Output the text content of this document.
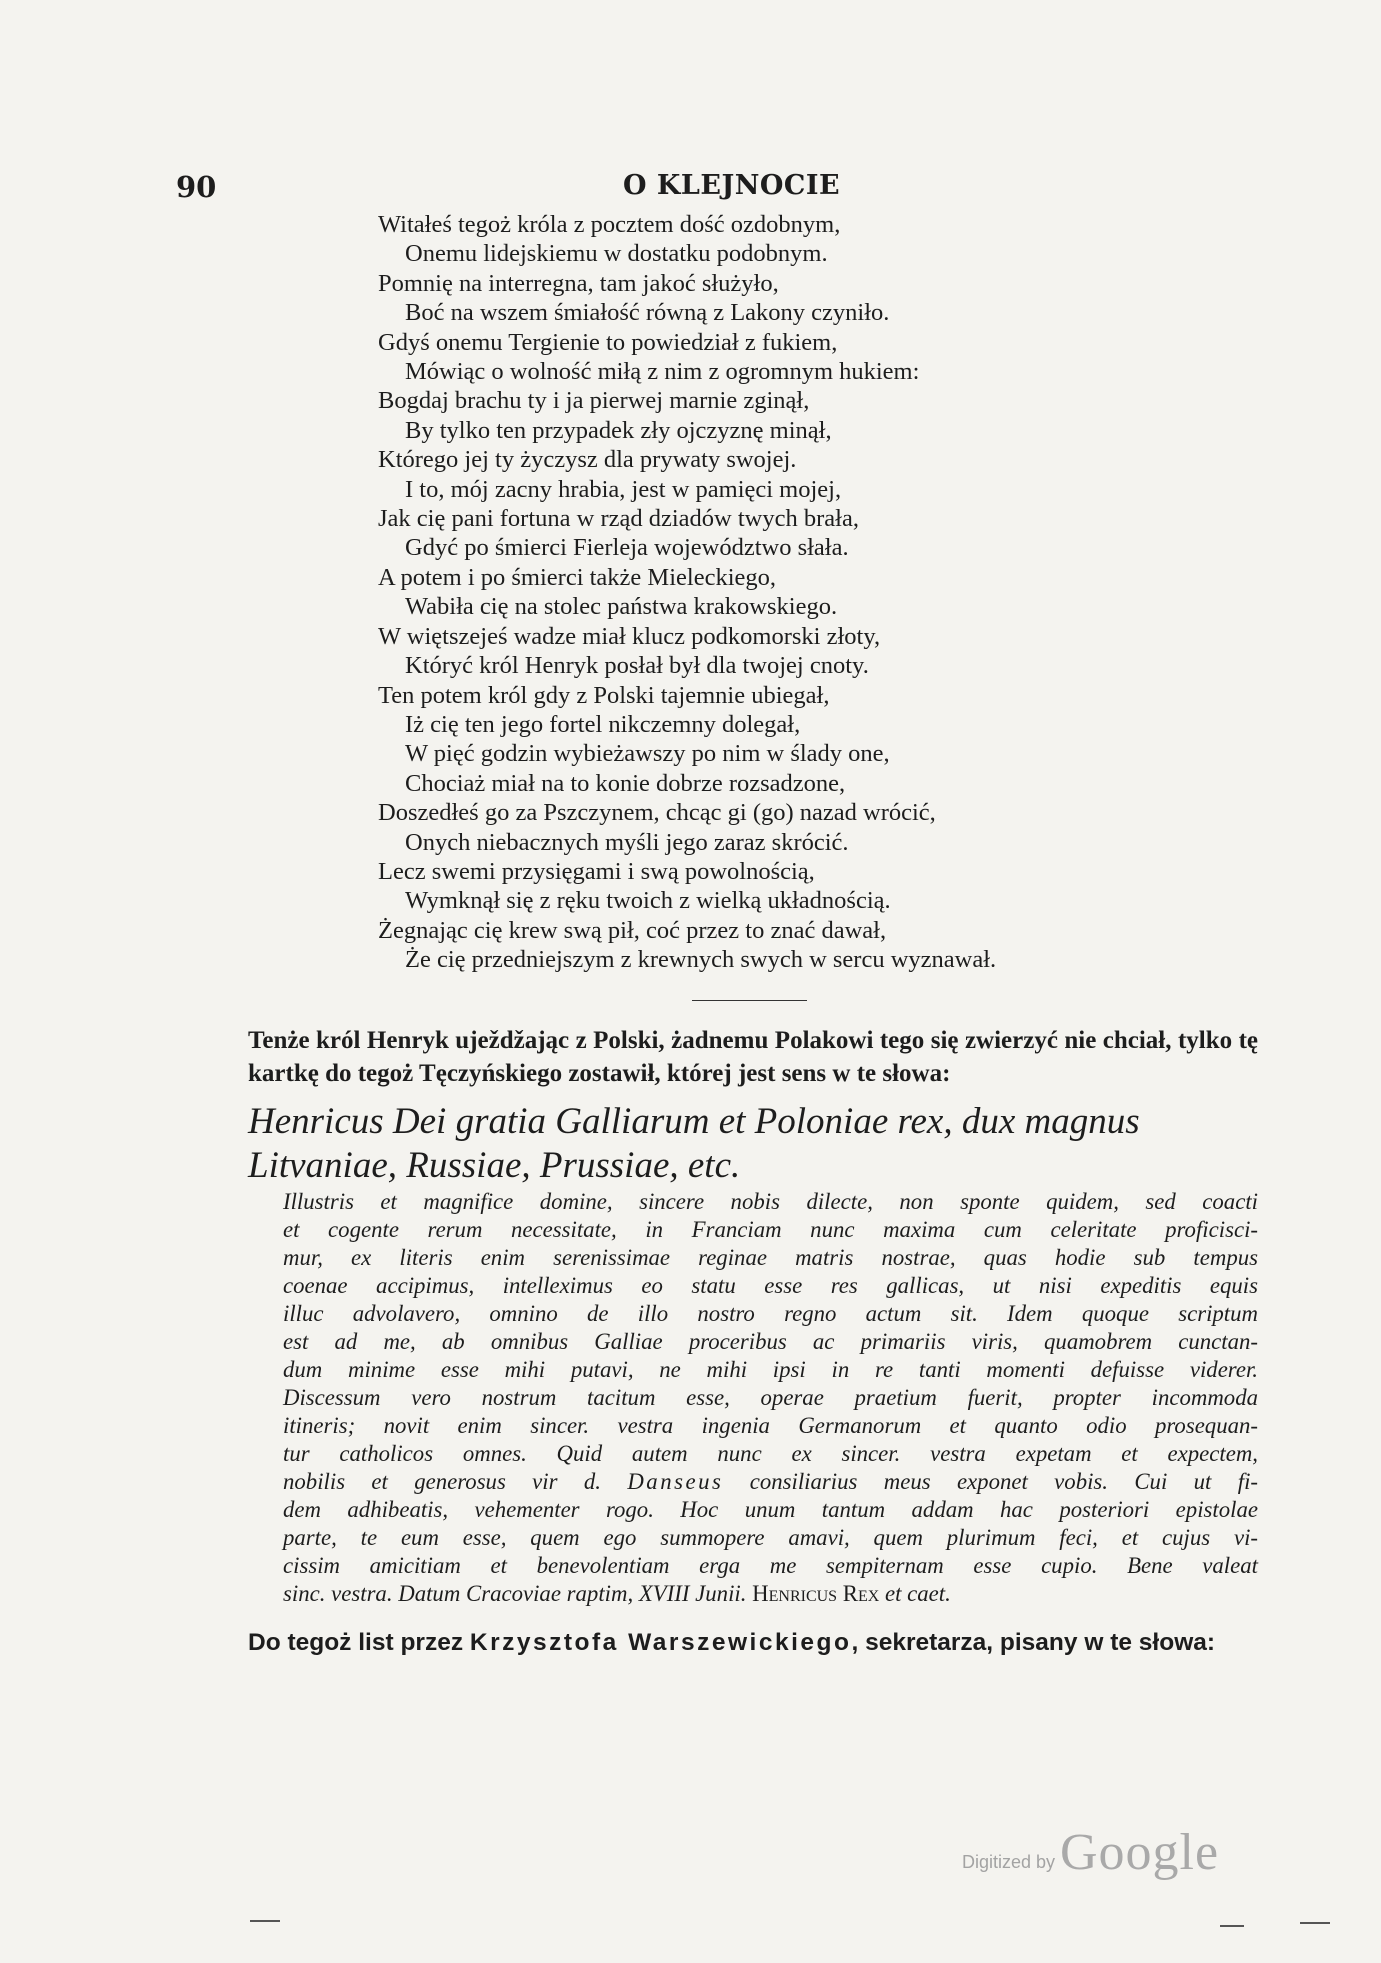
90	O KLEJNOCIE
Witałeś tegoż króla z pocztem dość ozdobnym,
Onemu lidejskiemu w dostatku podobnym.
Pomnię na interregna, tam jakoć służyło,
Boć na wszem śmiałość równą z Lakony czyniło.
Gdyś onemu Tergienie to powiedział z fukiem,
Mówiąc o wolność miłą z nim z ogromnym hukiem:
Bogdaj brachu ty i ja pierwej marnie zginął,
By tylko ten przypadek zły ojczyznę minął,
Którego jej ty życzysz dla prywaty swojej.
I to, mój zacny hrabia, jest w pamięci mojej,
Jak cię pani fortuna w rząd dziadów twych brała,
Gdyć po śmierci Fierleja województwo słała.
A potem i po śmierci także Mieleckiego,
Wabiła cię na stolec państwa krakowskiego.
W więtszejeś wadze miał klucz podkomorski złoty,
Któryć król Henryk posłał był dla twojej cnoty.
Ten potem król gdy z Polski tajemnie ubiegał,
Iż cię ten jego fortel nikczemny dolegał,
W pięć godzin wybieżawszy po nim w ślady one,
Chociaż miał na to konie dobrze rozsadzone,
Doszedłeś go za Pszczynem, chcąc gi (go) nazad wrócić,
Onych niebacznych myśli jego zaraz skrócić.
Lecz swemi przysięgami i swą powolnością,
Wymknął się z ręku twoich z wielką układnością.
Żegnając cię krew swą pił, coć przez to znać dawał,
Że cię przedniejszym z krewnych swych w sercu wyznawał.

Tenże król Henryk uježdžając z Polski, żadnemu Polakowi tego się zwierzyć nie chciał, tylko tę kartkę do tegoż Tęczyńskiego zostawił, której jest sens w te słowa:

Henricus Dei gratia Galliarum et Poloniae rex, dux magnus Litvaniae, Russiae, Prussiae, etc.
Illustris et magnifice domine, sincere nobis dilecte, non sponte quidem, sed coacti
et cogente rerum necessitate, in Franciam nunc maxima cum celeritate proficisci-
mur, ex literis enim serenissimae reginae matris nostrae, quas hodie sub tempus
coenae accipimus, intelleximus eo statu esse res gallicas, ut nisi expeditis equis
illuc advolavero, omnino de illo nostro regno actum sit. Idem quoque scriptum
est ad me, ab omnibus Galliae proceribus ac primariis viris, quamobrem cunctan-
dum minime esse mihi putavi, ne mihi ipsi in re tanti momenti defuisse viderer.
Discessum vero nostrum tacitum esse, operae praetium fuerit, propter incommoda
itineris; novit enim sincer. vestra ingenia Germanorum et quanto odio prosequan-
tur catholicos omnes. Quid autem nunc ex sincer. vestra expetam et expectem,
nobilis et generosus vir d. Danseus consiliarius meus exponet vobis. Cui ut fi-
dem adhibeatis, vehementer rogo. Hoc unum tantum addam hac posteriori epistolae
parte, te eum esse, quem ego summopere amavi, quem plurimum feci, et cujus vi-
cissim amicitiam et benevolentiam erga me sempiternam esse cupio. Bene valeat
sinc. vestra. Datum Cracoviae raptim, XVIII Junii. Henricus Rex et caet.
Do tegoż list przez Krzysztofa Warszewickiego, sekretarza, pisany w te słowa:
Digitized by Google
